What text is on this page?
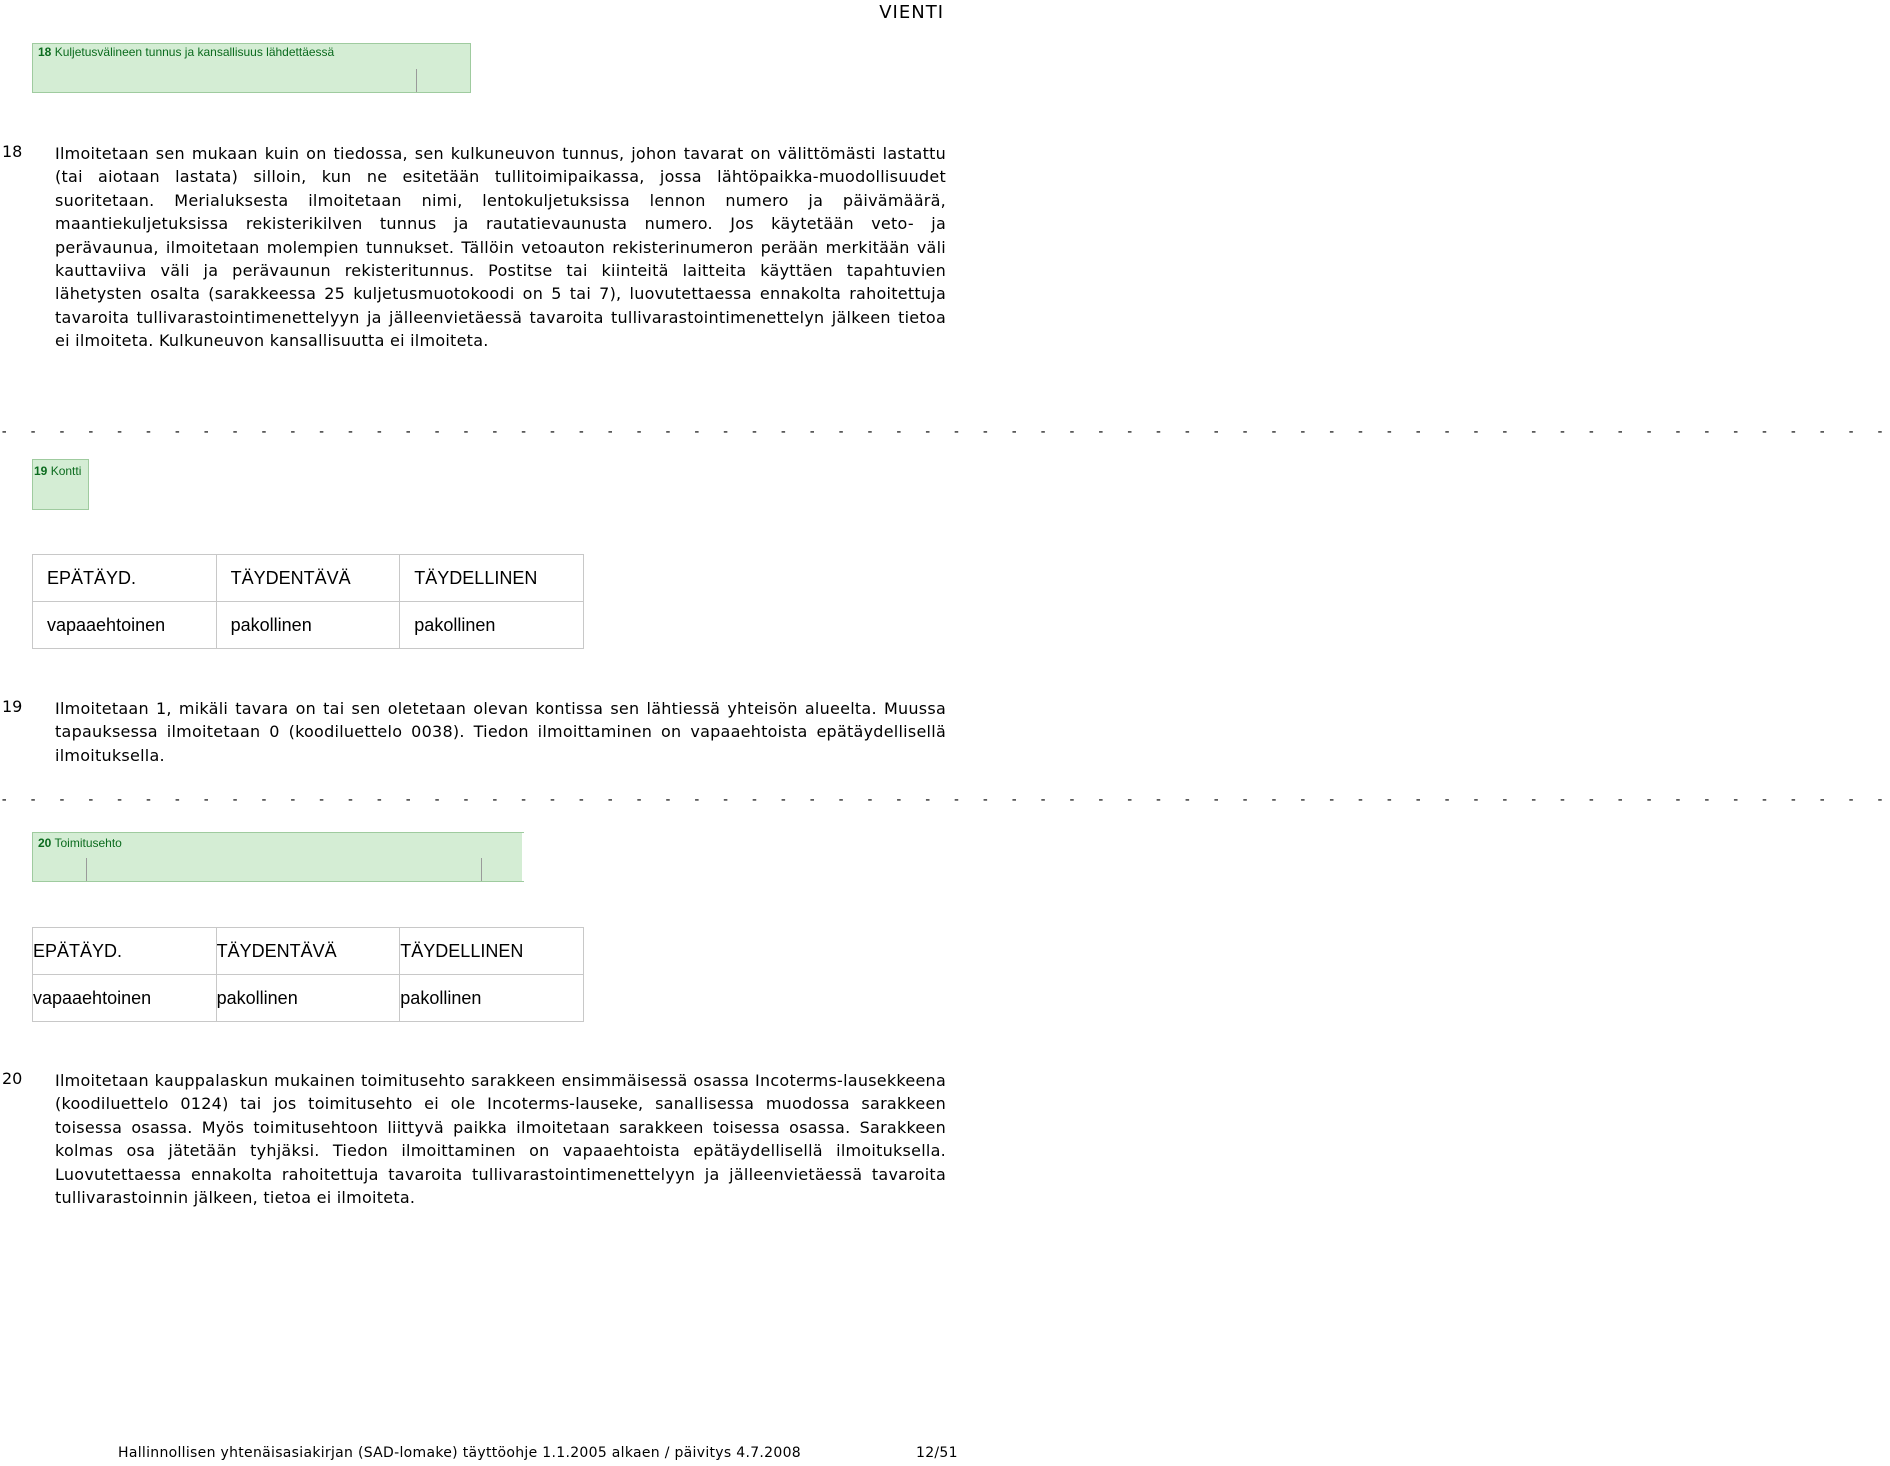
VIENTI
18 Kuljetusvälineen tunnus ja kansallisuus lähdettäessä
18 Ilmoitetaan sen mukaan kuin on tiedossa, sen kulkuneuvon tunnus, johon tavarat on välittömästi lastattu (tai aiotaan lastata) silloin, kun ne esitetään tullitoimipaikassa, jossa lähtöpaikka-muodollisuudet suoritetaan. Merialuksesta ilmoitetaan nimi, lentokuljetuksissa lennon numero ja päivämäärä, maantiekuljetuksissa rekisterikilven tunnus ja rautatievaunusta numero. Jos käytetään veto- ja perävaunua, ilmoitetaan molempien tunnukset. Tällöin vetoauton rekisterinumeron perään merkitään väli kauttaviiva väli ja perävaunun rekisteritunnus. Postitse tai kiinteitä laitteita käyttäen tapahtuvien lähetysten osalta (sarakkeessa 25 kuljetusmuotokoodi on 5 tai 7), luovutettaessa ennakolta rahoitettuja tavaroita tullivarastointimenettelyyn ja jälleenvietäessä tavaroita tullivarastointimenettelyn jälkeen tietoa ei ilmoiteta. Kulkuneuvon kansallisuutta ei ilmoiteta.
- - - - - - - - - - - - - - - - - - - - - - - - - - - - - - - - - - - - - - - - - - - - - - - - - - - - - - - - - - - - - - - - - -
19 Kontti
EPÄTÄYD.	TÄYDENTÄVÄ	TÄYDELLINEN
vapaaehtoinen	pakollinen	pakollinen
19 Ilmoitetaan 1, mikäli tavara on tai sen oletetaan olevan kontissa sen lähtiessä yhteisön alueelta. Muussa tapauksessa ilmoitetaan 0 (koodiluettelo 0038). Tiedon ilmoittaminen on vapaaehtoista epätäydellisellä ilmoituksella.
- - - - - - - - - - - - - - - - - - - - - - - - - - - - - - - - - - - - - - - - - - - - - - - - - - - - - - - - - - - - - - - - - -
20 Toimitusehto
EPÄTÄYD.	TÄYDENTÄVÄ	TÄYDELLINEN
vapaaehtoinen	pakollinen	pakollinen
20 Ilmoitetaan kauppalaskun mukainen toimitusehto sarakkeen ensimmäisessä osassa Incoterms-lausekkeena (koodiluettelo 0124) tai jos toimitusehto ei ole Incoterms-lauseke, sanallisessa muodossa sarakkeen toisessa osassa. Myös toimitusehtoon liittyvä paikka ilmoitetaan sarakkeen toisessa osassa. Sarakkeen kolmas osa jätetään tyhjäksi. Tiedon ilmoittaminen on vapaaehtoista epätäydellisellä ilmoituksella. Luovutettaessa ennakolta rahoitettuja tavaroita tullivarastointimenettelyyn ja jälleenvietäessä tavaroita tullivarastoinnin jälkeen, tietoa ei ilmoiteta.
Hallinnollisen yhtenäisasiakirjan (SAD-lomake) täyttöohje 1.1.2005 alkaen / päivitys 4.7.2008	12/51
